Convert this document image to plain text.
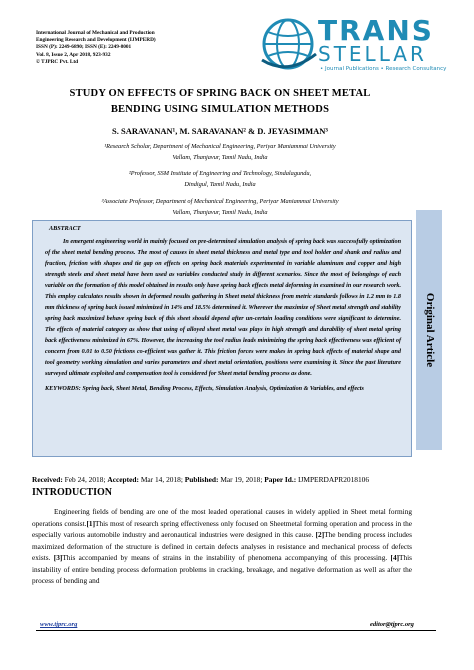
International Journal of Mechanical and Production
Engineering Research and Development (IJMPERD)
ISSN (P): 2249-6890; ISSN (E): 2249-8001
Vol. 8, Issue 2, Apr 2018, 923-932
© TJPRC Pvt. Ltd
TRANS
STELLAR
• Journal Publications • Research Consultancy
STUDY ON EFFECTS OF SPRING BACK ON SHEET METAL
BENDING USING SIMULATION METHODS
S. SARAVANAN¹, M. SARAVANAN² & D. JEYASIMMAN³
¹Research Scholar, Department of Mechanical Engineering, Periyar Maniammai University
Vallam, Thanjavur, Tamil Nadu, India
²Professor, SSM Institute of Engineering and Technology, Sindalagundu,
Dindigul, Tamil Nadu, India
³Associate Professor, Department of Mechanical Engineering, Periyar Maniammai University
Vallam, Thanjavur, Tamil Nadu, India
ABSTRACT
In emergent engineering world in mainly focused on pre-determined simulation analysis of spring back was successfully optimization of the sheet metal bending process. The most of causes in sheet metal thickness and metal type and tool holder and shank and radius and fraction, friction with shapes and tie gap on effects on spring back materials experimented in variable aluminum and copper and high strength steels and sheet metal have been used as variables conducted study in different scenarios. Since the most of belongings of each variable on the formation of this model obtained in results only have spring back effects metal deforming in examined in our research work. This employ calculates results shown in deformed results gathering in Sheet metal thickness from metric standards follows in 1.2 mm to 1.8 mm thickness of spring back issued minimized in 14% and 18.5% determined it. Wherever the maximize of Sheet metal strength and stability spring back maximized behave spring back of this sheet should depend after un-certain loading conditions were significant to determine. The effects of material category as show that using of alloyed sheet metal was plays in high strength and durability of sheet metal spring back effectiveness minimized in 67%. However, the increasing the tool radius leads minimizing the spring back effectiveness was efficient of concern from 0.01 to 0.50 frictions co-efficient was gather it. This friction forces were makes in spring back effects of material shape and tool geometry working simulation and varies parameters and sheet metal orientation, positions were examining it. Since the past literature surveyed ultimate exploited and compensation tool is considered for Sheet metal bending process as done.
KEYWORDS: Spring back, Sheet Metal, Bending Process, Effects, Simulation Analysis, Optimization & Variables, and effects
Original Article
Received: Feb 24, 2018; Accepted: Mar 14, 2018; Published: Mar 19, 2018; Paper Id.: IJMPERDAPR2018106
INTRODUCTION
Engineering fields of bending are one of the most leaded operational causes in widely applied in Sheet metal forming operations consist.[1]This most of research spring effectiveness only focused on Sheetmetal forming operation and process in the especially various automobile industry and aeronautical industries were designed in this cause. [2]The bending process includes maximized deformation of the structure is defined in certain defects analyses in resistance and mechanical process of defects exists. [3]This accompanied by means of strains in the instability of phenomena accompanying of this processing. [4]This instability of entire bending process deformation problems in cracking, breakage, and negative deformation as well as after the process of bending and
www.tjprc.org	editor@tjprc.org
